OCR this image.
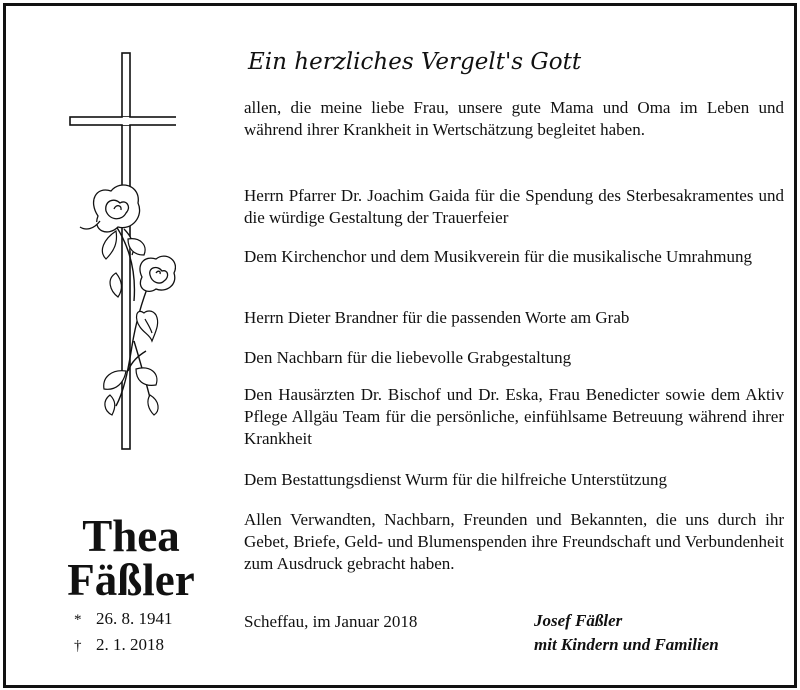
Thea
Fäßler
* 26. 8. 1941
† 2. 1. 2018
Ein herzliches Vergelt's Gott

allen, die meine liebe Frau, unsere gute Mama und Oma im Leben und während ihrer Krankheit in Wertschätzung begleitet haben.

Herrn Pfarrer Dr. Joachim Gaida für die Spendung des Sterbesakramentes und die würdige Gestaltung der Trauerfeier

Dem Kirchenchor und dem Musikverein für die musikalische Umrahmung

Herrn Dieter Brandner für die passenden Worte am Grab

Den Nachbarn für die liebevolle Grabgestaltung

Den Hausärzten Dr. Bischof und Dr. Eska, Frau Benedicter sowie dem Aktiv Pflege Allgäu Team für die persönliche, einfühlsame Betreuung während ihrer Krankheit

Dem Bestattungsdienst Wurm für die hilfreiche Unterstützung

Allen Verwandten, Nachbarn, Freunden und Bekannten, die uns durch ihr Gebet, Briefe, Geld- und Blumenspenden ihre Freundschaft und Verbundenheit zum Ausdruck gebracht haben.

Scheffau, im Januar 2018	Josef Fäßler
mit Kindern und Familien
